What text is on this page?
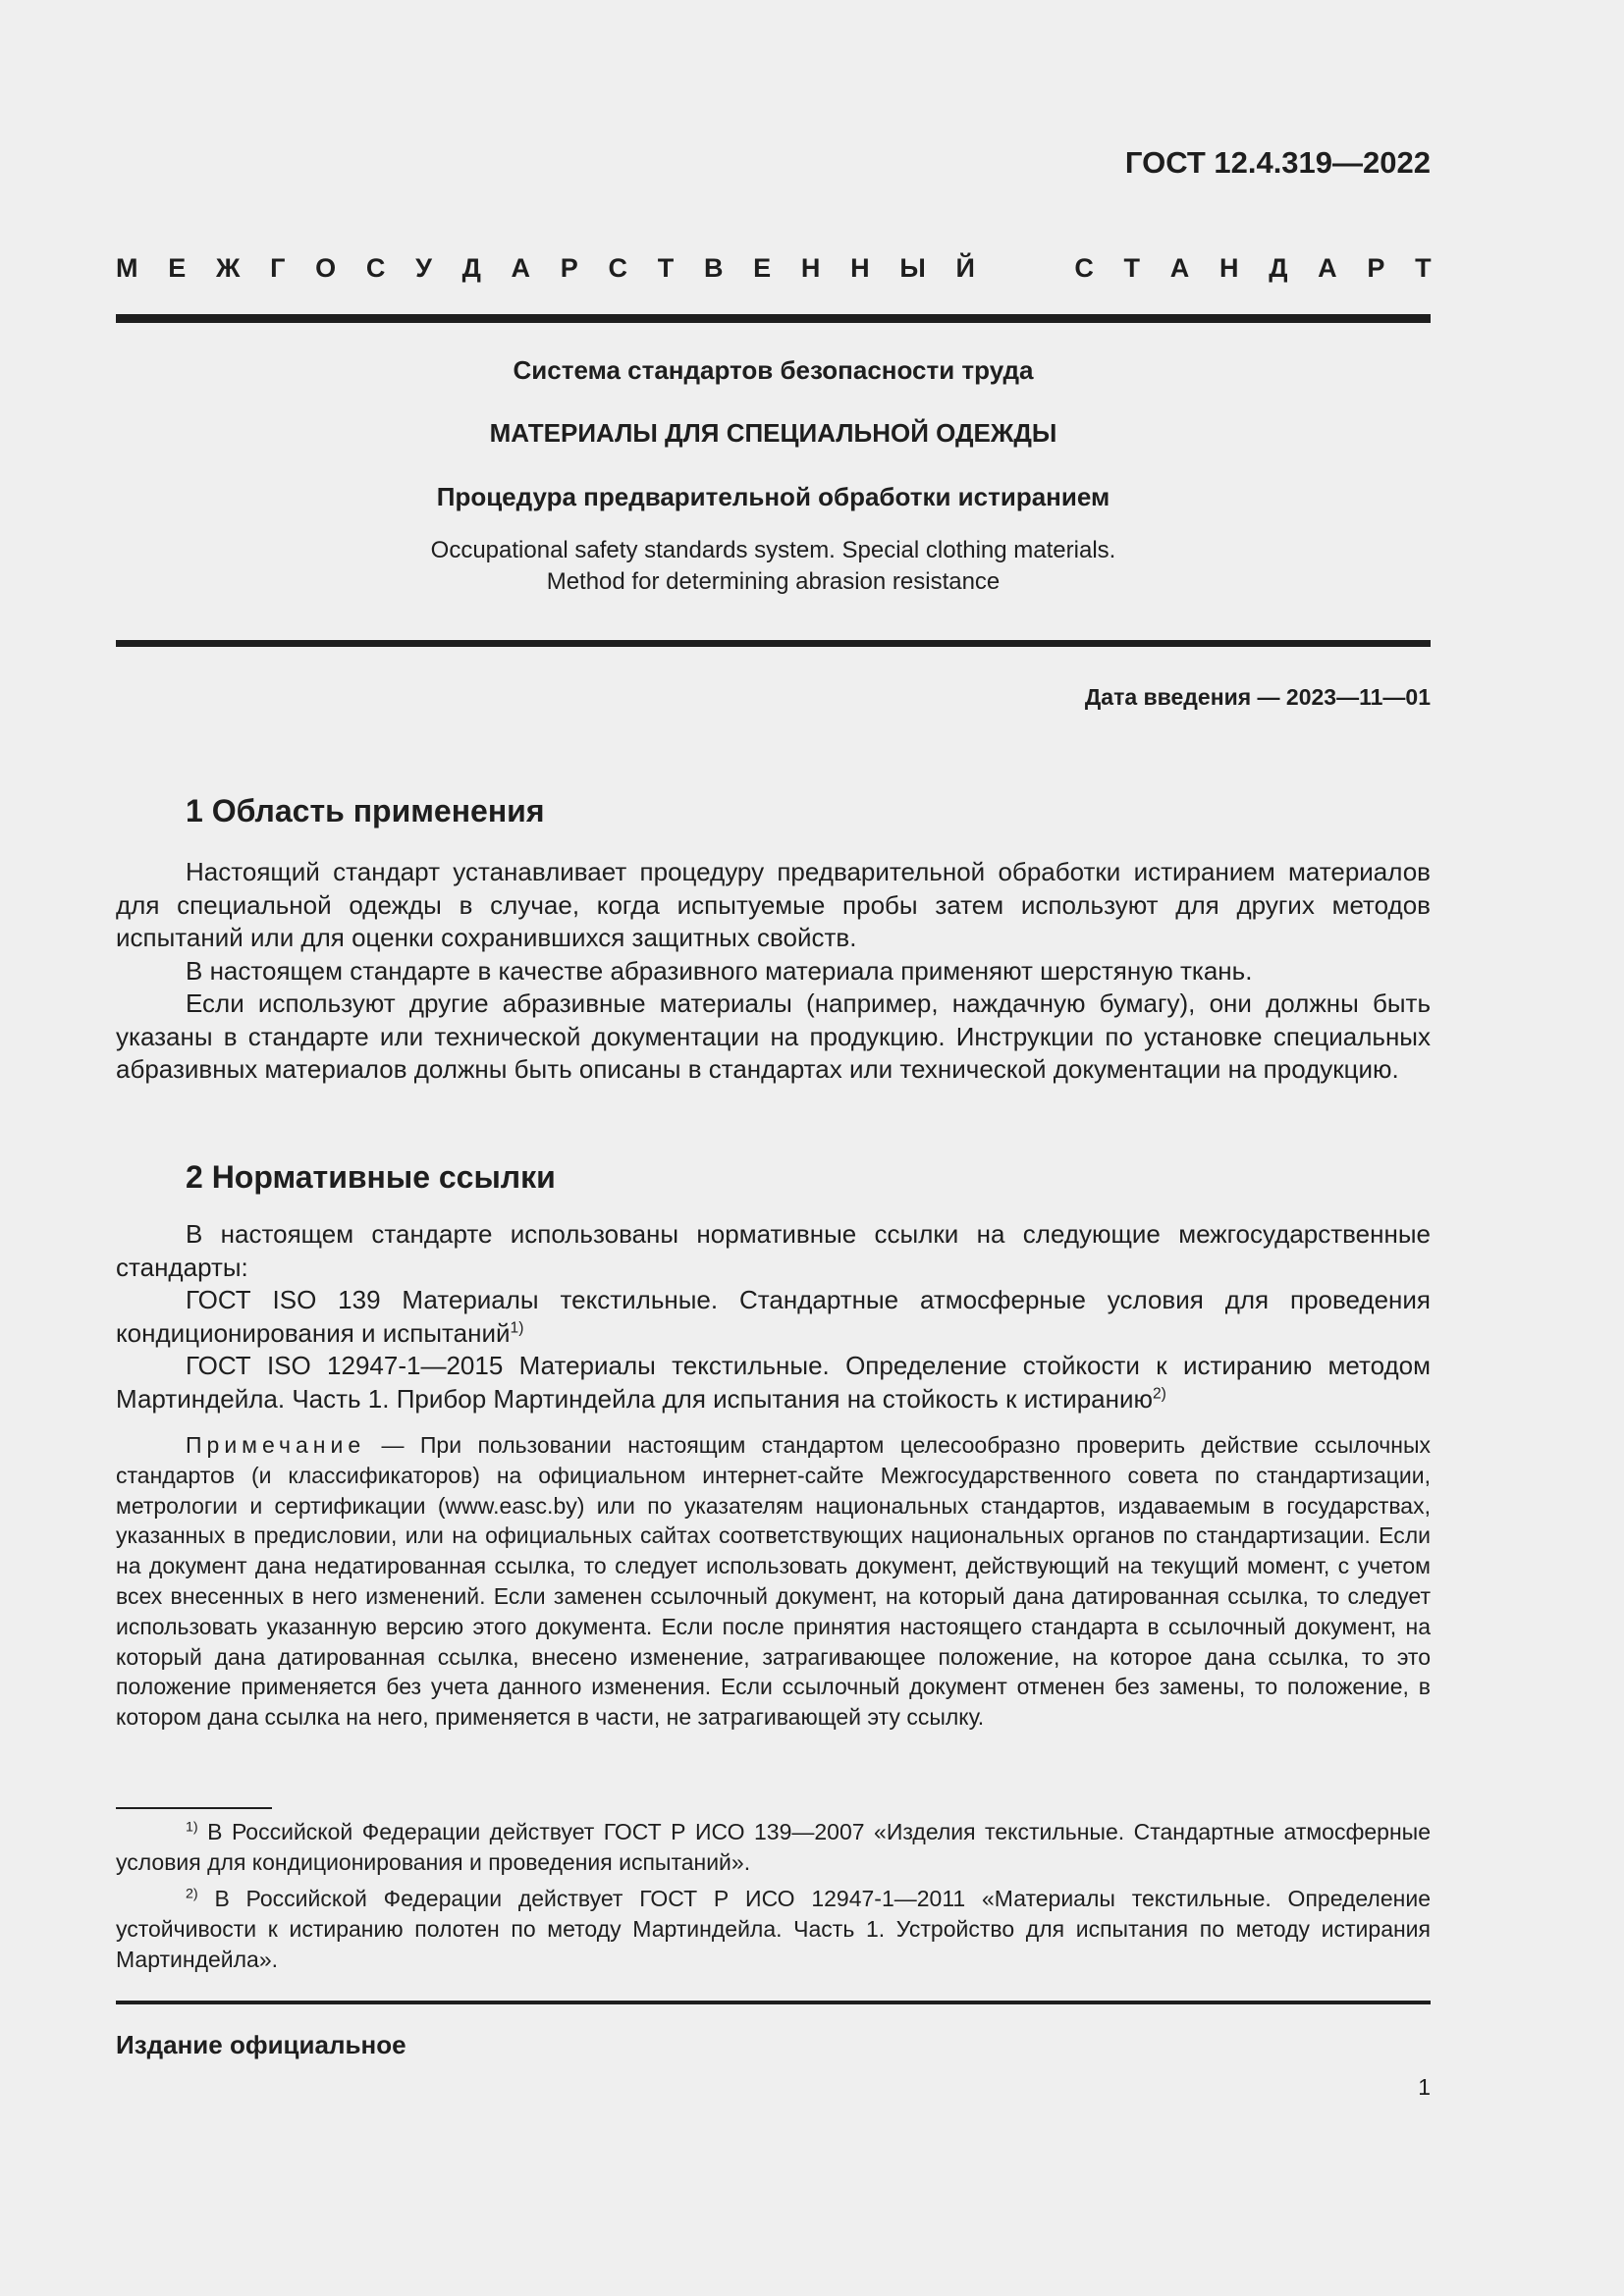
ГОСТ 12.4.319—2022
М Е Ж Г О С У Д А Р С Т В Е Н Н Ы Й	С Т А Н Д А Р Т
Система стандартов безопасности труда
МАТЕРИАЛЫ ДЛЯ СПЕЦИАЛЬНОЙ ОДЕЖДЫ
Процедура предварительной обработки истиранием
Occupational safety standards system. Special clothing materials.
Method for determining abrasion resistance
Дата введения — 2023—11—01
1 Область применения

Настоящий стандарт устанавливает процедуру предварительной обработки истиранием материалов для специальной одежды в случае, когда испытуемые пробы затем используют для других методов испытаний или для оценки сохранившихся защитных свойств.

В настоящем стандарте в качестве абразивного материала применяют шерстяную ткань.

Если используют другие абразивные материалы (например, наждачную бумагу), они должны быть указаны в стандарте или технической документации на продукцию. Инструкции по установке специальных абразивных материалов должны быть описаны в стандартах или технической документации на продукцию.

2 Нормативные ссылки

В настоящем стандарте использованы нормативные ссылки на следующие межгосударственные стандарты:

ГОСТ ISO 139 Материалы текстильные. Стандартные атмосферные условия для проведения кондиционирования и испытаний$^{1)}$

ГОСТ ISO 12947-1—2015 Материалы текстильные. Определение стойкости к истиранию методом Мартиндейла. Часть 1. Прибор Мартиндейла для испытания на стойкость к истиранию$^{2)}$

Примечание — При пользовании настоящим стандартом целесообразно проверить действие ссылочных стандартов (и классификаторов) на официальном интернет-сайте Межгосударственного совета по стандартизации, метрологии и сертификации (www.easc.by) или по указателям национальных стандартов, издаваемым в государствах, указанных в предисловии, или на официальных сайтах соответствующих национальных органов по стандартизации. Если на документ дана недатированная ссылка, то следует использовать документ, действующий на текущий момент, с учетом всех внесенных в него изменений. Если заменен ссылочный документ, на который дана датированная ссылка, то следует использовать указанную версию этого документа. Если после принятия настоящего стандарта в ссылочный документ, на который дана датированная ссылка, внесено изменение, затрагивающее положение, на которое дана ссылка, то это положение применяется без учета данного изменения. Если ссылочный документ отменен без замены, то положение, в котором дана ссылка на него, применяется в части, не затрагивающей эту ссылку.

$^{1)}$ В Российской Федерации действует ГОСТ Р ИСО 139—2007 «Изделия текстильные. Стандартные атмосферные условия для кондиционирования и проведения испытаний».

$^{2)}$ В Российской Федерации действует ГОСТ Р ИСО 12947-1—2011 «Материалы текстильные. Определение устойчивости к истиранию полотен по методу Мартиндейла. Часть 1. Устройство для испытания по методу истирания Мартиндейла».

Издание официальное
1
